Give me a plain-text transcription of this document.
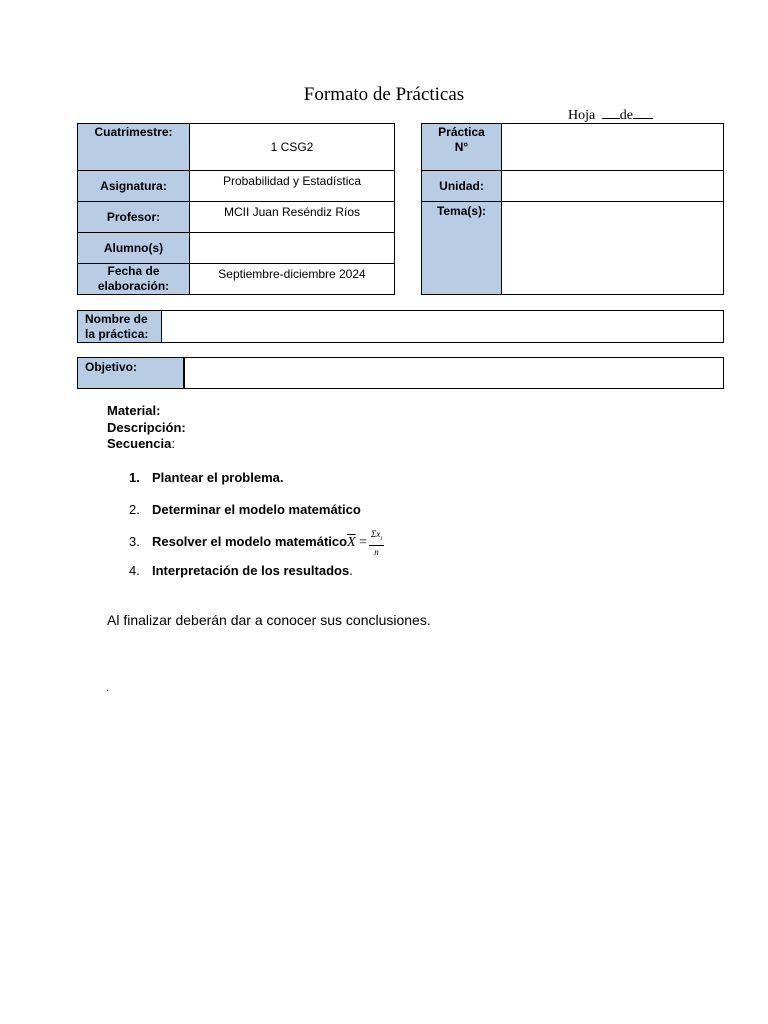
Formato de Prácticas
Hoja de
Cuatrimestre:	1 CSG2
Asignatura:	Probabilidad y Estadística
Profesor:	MCII Juan Reséndiz Ríos
Alumno(s)	

Fecha de
elaboración:	Septiembre-diciembre 2024
Práctica
N°	

Unidad:	
Tema(s):	
Nombre de
la práctica:

Objetivo:	
Material:
Descripción:
Secuencia:
1. Plantear el problema.
2. Determinar el modelo matemático
3. Resolver el modelo $matemático\overline{X} = \frac{\Sigma x_i}{n}$
4. Interpretación de los resultados.
Al finalizar deberán dar a conocer sus conclusiones.
.
